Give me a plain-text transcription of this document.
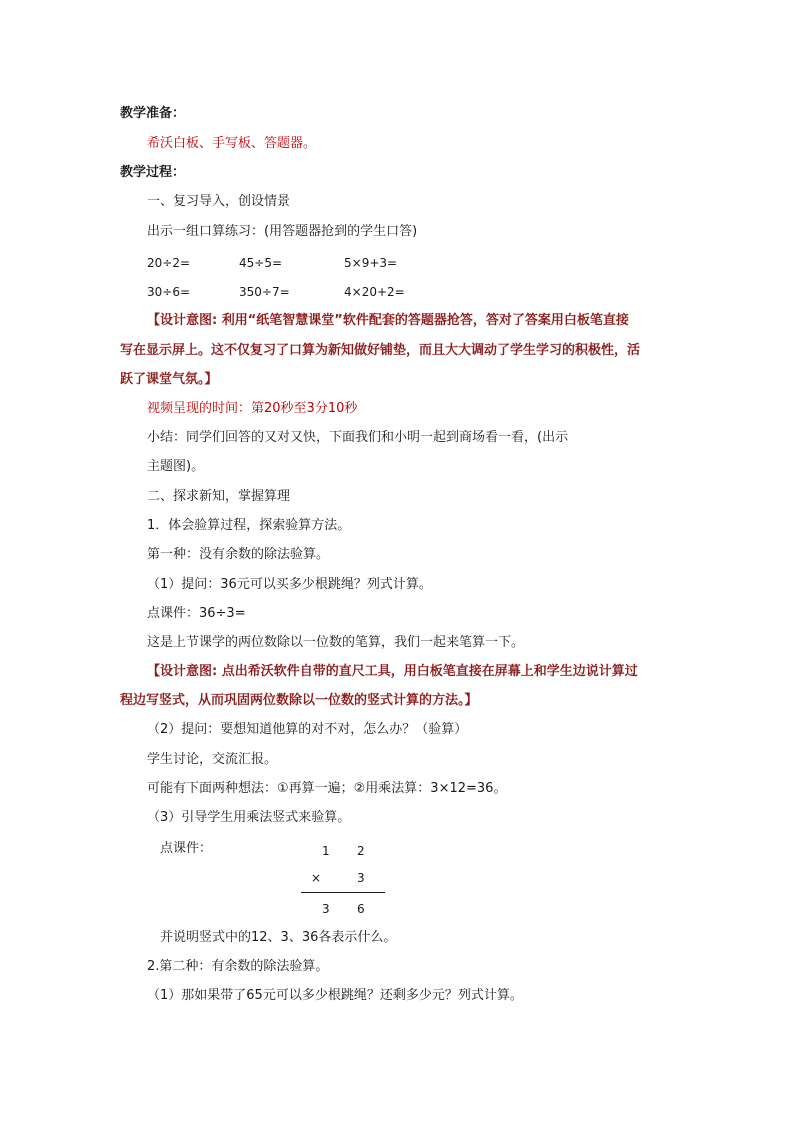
教学准备：
希沃白板、手写板、答题器。
教学过程：
一、复习导入，创设情景
出示一组口算练习：(用答题器抢到的学生口答)
20÷2=	45÷5=	5×9+3=
30÷6=	350÷7=	4×20+2=
【设计意图: 利用“纸笔智慧课堂”软件配套的答题器抢答，答对了答案用白板笔直接
写在显示屏上。这不仅复习了口算为新知做好铺垫，而且大大调动了学生学习的积极性，活
跃了课堂气氛。】
视频呈现的时间：第20秒至3分10秒
小结：同学们回答的又对又快，下面我们和小明一起到商场看一看，(出示
主题图)。
二、探求新知，掌握算理
1．体会验算过程，探索验算方法。
第一种：没有余数的除法验算。
（1）提问：36元可以买多少根跳绳？列式计算。
点课件：36÷3=
这是上节课学的两位数除以一位数的笔算，我们一起来笔算一下。
【设计意图: 点出希沃软件自带的直尺工具，用白板笔直接在屏幕上和学生边说计算过
程边写竖式，从而巩固两位数除以一位数的竖式计算的方法。】
（2）提问：要想知道他算的对不对，怎么办？（验算）
学生讨论，交流汇报。
可能有下面两种想法：①再算一遍；②用乘法算：3×12=36。
（3）引导学生用乘法竖式来验算。
点课件：	1 2
×	3
3 6
并说明竖式中的12、3、36各表示什么。
2.第二种：有余数的除法验算。
（1）那如果带了65元可以多少根跳绳？还剩多少元？列式计算。
